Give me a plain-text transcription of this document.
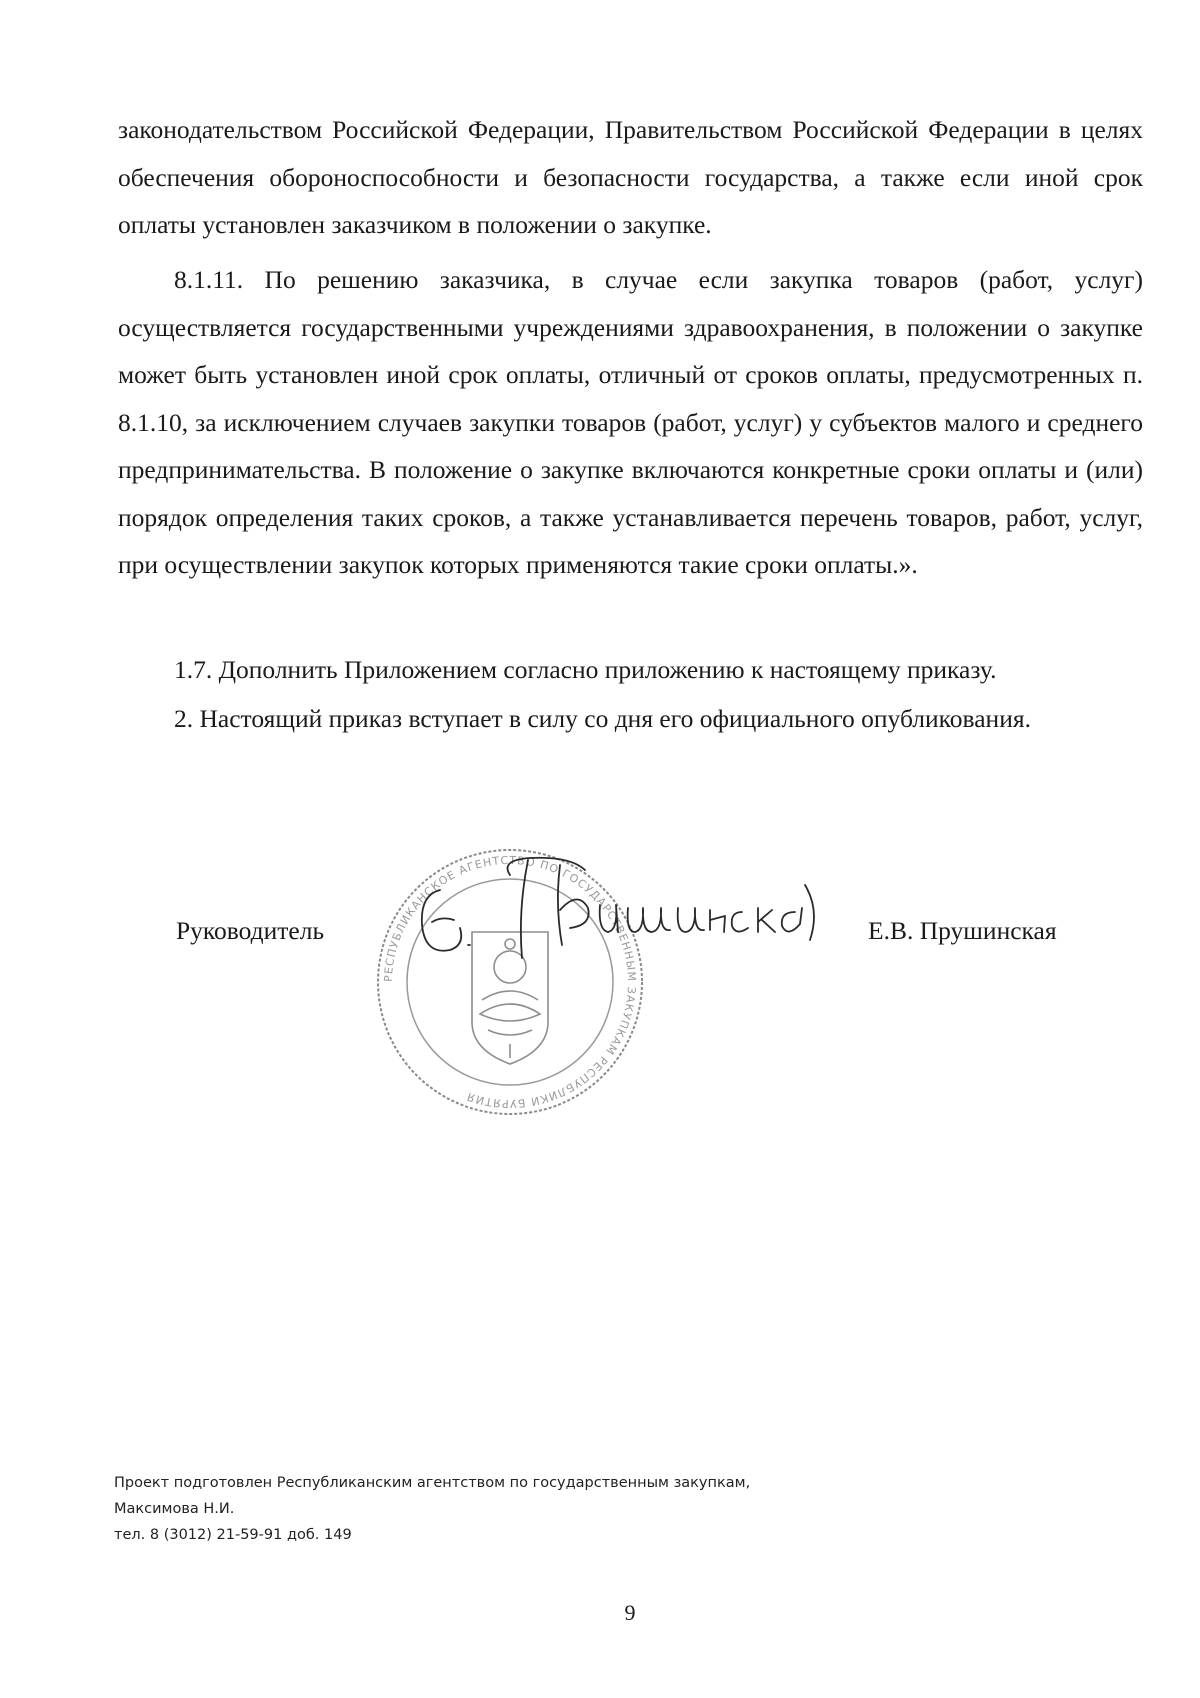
законодательством Российской Федерации, Правительством Российской Федерации в целях обеспечения обороноспособности и безопасности государства, а также если иной срок оплаты установлен заказчиком в положении о закупке.

8.1.11. По решению заказчика, в случае если закупка товаров (работ, услуг) осуществляется государственными учреждениями здравоохранения, в положении о закупке может быть установлен иной срок оплаты, отличный от сроков оплаты, предусмотренных п. 8.1.10, за исключением случаев закупки товаров (работ, услуг) у субъектов малого и среднего предпринимательства. В положение о закупке включаются конкретные сроки оплаты и (или) порядок определения таких сроков, а также устанавливается перечень товаров, работ, услуг, при осуществлении закупок которых применяются такие сроки оплаты.».

1.7. Дополнить Приложением согласно приложению к настоящему приказу.

2. Настоящий приказ вступает в силу со дня его официального опубликования.

РЕСПУБЛИКАНСКОЕ АГЕНТСТВО ПО ГОСУДАРСТВЕННЫМ ЗАКУПКАМ РЕСПУБЛИКИ БУРЯТИЯ
Руководитель	Е.В. Прушинская
Проект подготовлен Республиканским агентством по государственным закупкам,
Максимова Н.И.
тел. 8 (3012) 21-59-91 доб. 149
9
